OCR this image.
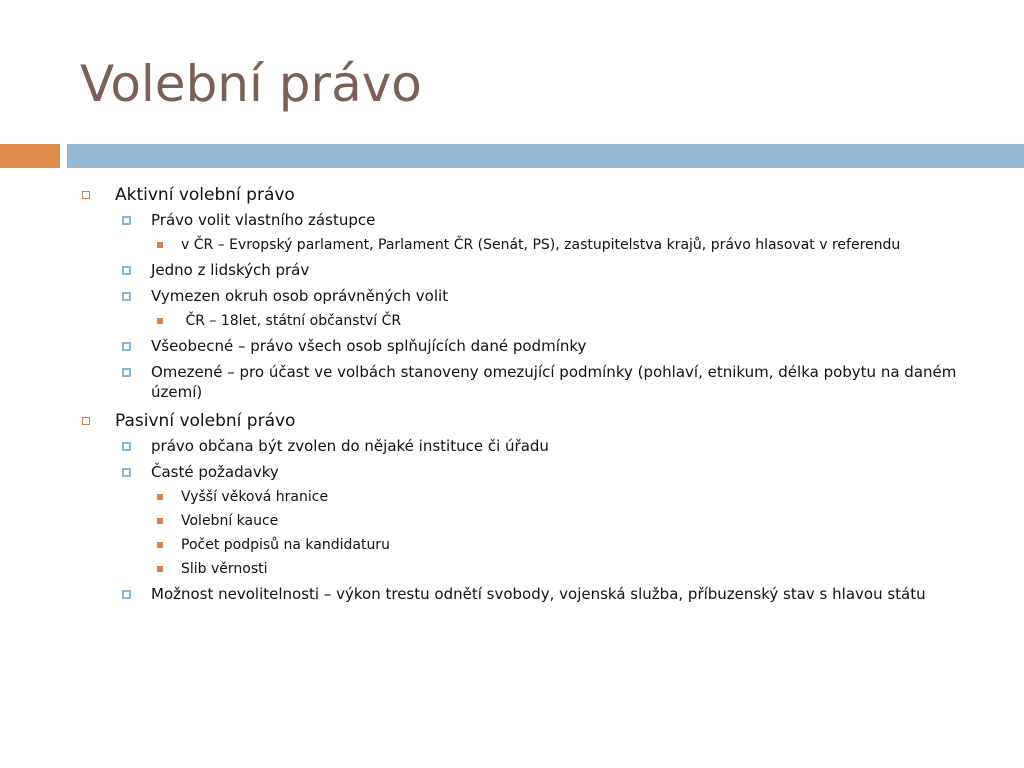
Volební právo
Aktivní volební právo
Právo volit vlastního zástupce
v ČR – Evropský parlament, Parlament ČR (Senát, PS), zastupitelstva krajů, právo hlasovat v referendu
Jedno z lidských práv
Vymezen okruh osob oprávněných volit
ČR – 18let, státní občanství ČR
Všeobecné – právo všech osob splňujících dané podmínky
Omezené – pro účast ve volbách stanoveny omezující podmínky (pohlaví, etnikum, délka pobytu na daném území)
Pasivní volební právo
právo občana být zvolen do nějaké instituce či úřadu
Časté požadavky
Vyšší věková hranice
Volební kauce
Počet podpisů na kandidaturu
Slib věrnosti
Možnost nevolitelnosti – výkon trestu odnětí svobody, vojenská služba, příbuzenský stav s hlavou státu
